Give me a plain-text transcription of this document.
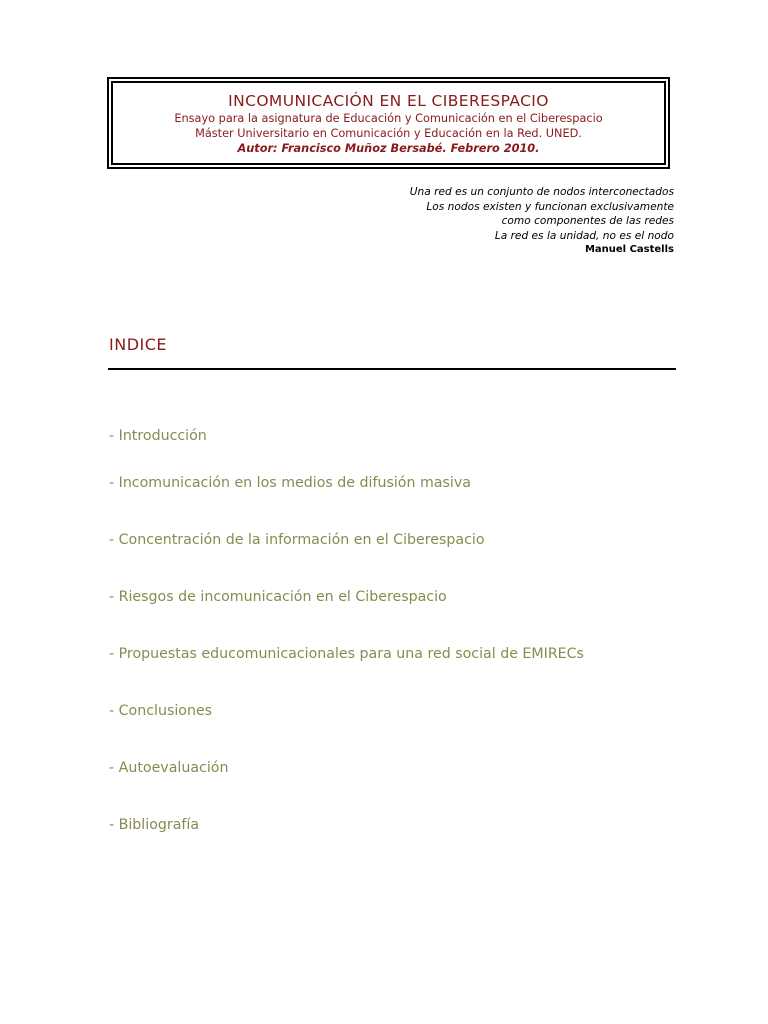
INCOMUNICACIÓN EN EL CIBERESPACIO
Ensayo para la asignatura de Educación y Comunicación en el Ciberespacio
Máster Universitario en Comunicación y Educación en la Red. UNED.
Autor: Francisco Muñoz Bersabé. Febrero 2010.
Una red es un conjunto de nodos interconectados
Los nodos existen y funcionan exclusivamente
como componentes de las redes
La red es la unidad, no es el nodo
Manuel Castells
INDICE
- Introducción
- Incomunicación en los medios de difusión masiva
- Concentración de la información en el Ciberespacio
- Riesgos de incomunicación en el Ciberespacio
- Propuestas educomunicacionales para una red social de EMIRECs
- Conclusiones
- Autoevaluación
- Bibliografía
